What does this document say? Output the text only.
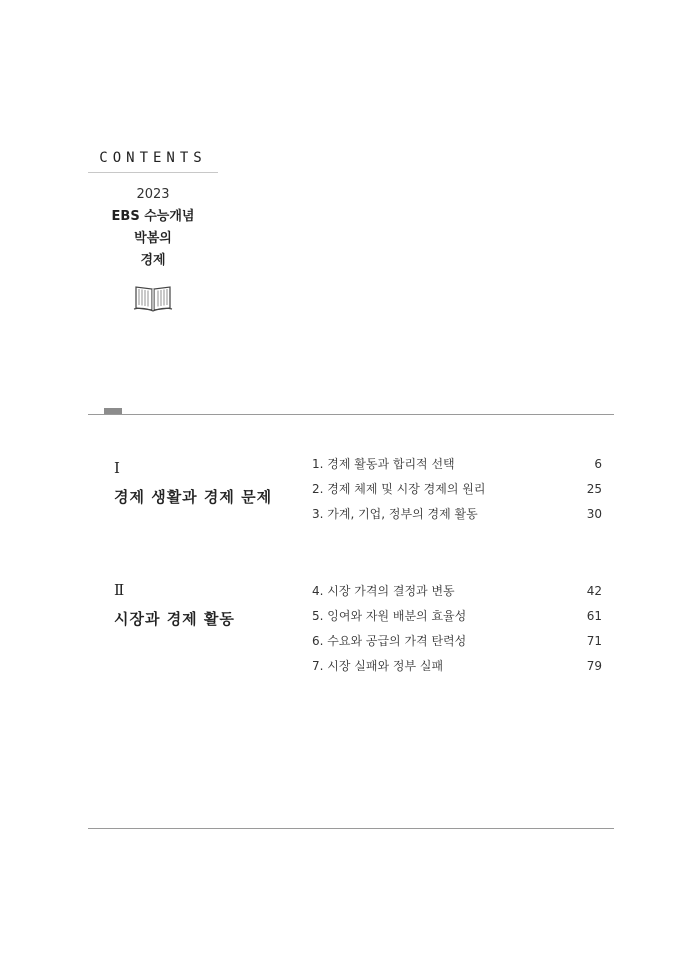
CONTENTS
2023
EBS 수능개념
박봄의
경제
Ⅰ
경제 생활과 경제 문제
1. 경제 활동과 합리적 선택	6
2. 경제 체제 및 시장 경제의 원리	25
3. 가계, 기업, 정부의 경제 활동	30
Ⅱ
시장과 경제 활동
4. 시장 가격의 결정과 변동	42
5. 잉여와 자원 배분의 효율성	61
6. 수요와 공급의 가격 탄력성	71
7. 시장 실패와 정부 실패	79
